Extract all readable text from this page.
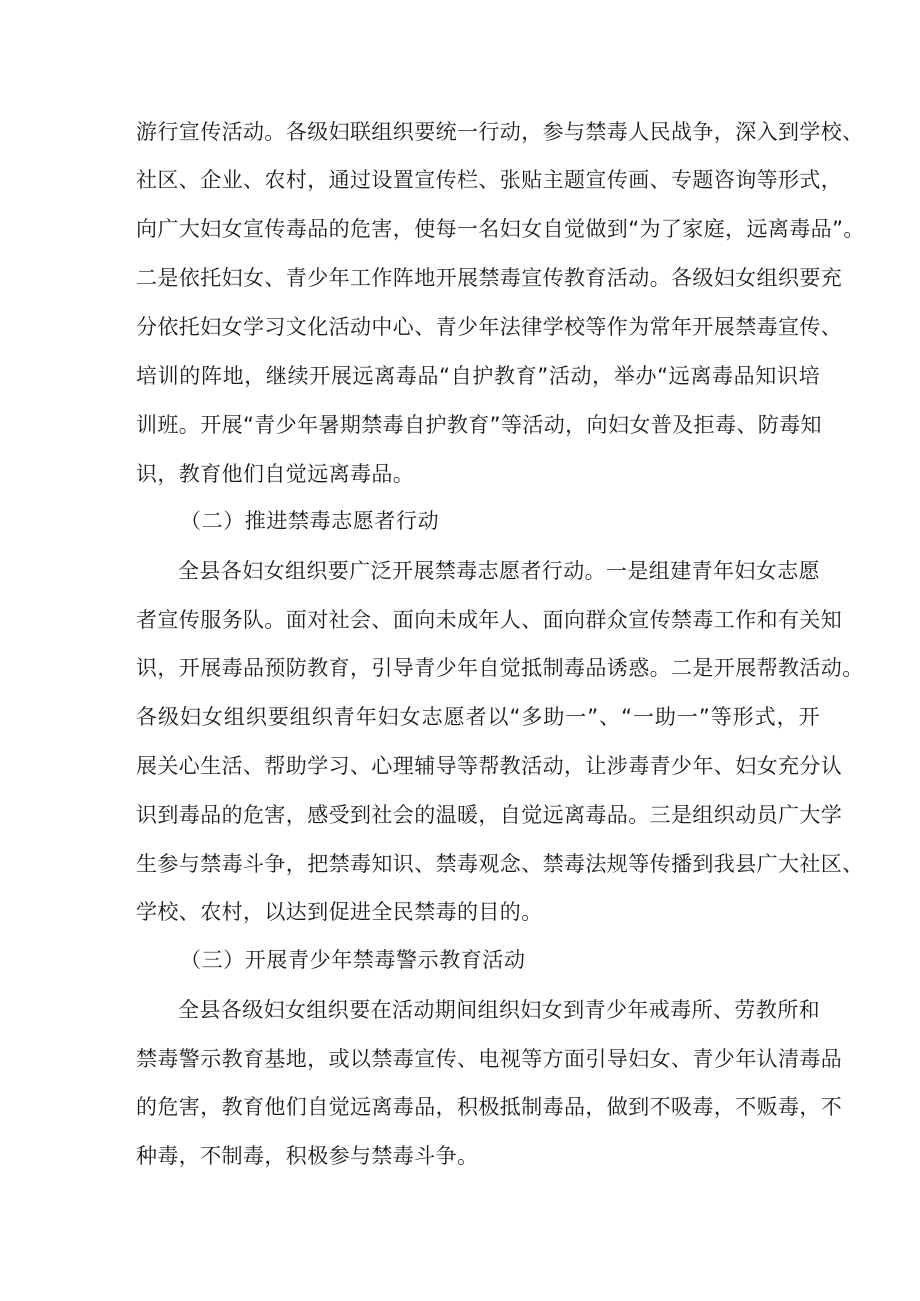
游行宣传活动。各级妇联组织要统一行动，参与禁毒人民战争，深入到学校、
社区、企业、农村，通过设置宣传栏、张贴主题宣传画、专题咨询等形式，
向广大妇女宣传毒品的危害，使每一名妇女自觉做到“为了家庭，远离毒品”。
二是依托妇女、青少年工作阵地开展禁毒宣传教育活动。各级妇女组织要充
分依托妇女学习文化活动中心、青少年法律学校等作为常年开展禁毒宣传、
培训的阵地，继续开展远离毒品“自护教育”活动，举办“远离毒品知识培
训班。开展“青少年暑期禁毒自护教育”等活动，向妇女普及拒毒、防毒知
识，教育他们自觉远离毒品。
（二）推进禁毒志愿者行动
全县各妇女组织要广泛开展禁毒志愿者行动。一是组建青年妇女志愿
者宣传服务队。面对社会、面向未成年人、面向群众宣传禁毒工作和有关知
识，开展毒品预防教育，引导青少年自觉抵制毒品诱惑。二是开展帮教活动。
各级妇女组织要组织青年妇女志愿者以“多助一”、“一助一”等形式，开
展关心生活、帮助学习、心理辅导等帮教活动，让涉毒青少年、妇女充分认
识到毒品的危害，感受到社会的温暖，自觉远离毒品。三是组织动员广大学
生参与禁毒斗争，把禁毒知识、禁毒观念、禁毒法规等传播到我县广大社区、
学校、农村，以达到促进全民禁毒的目的。
（三）开展青少年禁毒警示教育活动
全县各级妇女组织要在活动期间组织妇女到青少年戒毒所、劳教所和
禁毒警示教育基地，或以禁毒宣传、电视等方面引导妇女、青少年认清毒品
的危害，教育他们自觉远离毒品，积极抵制毒品，做到不吸毒，不贩毒，不
种毒，不制毒，积极参与禁毒斗争。
